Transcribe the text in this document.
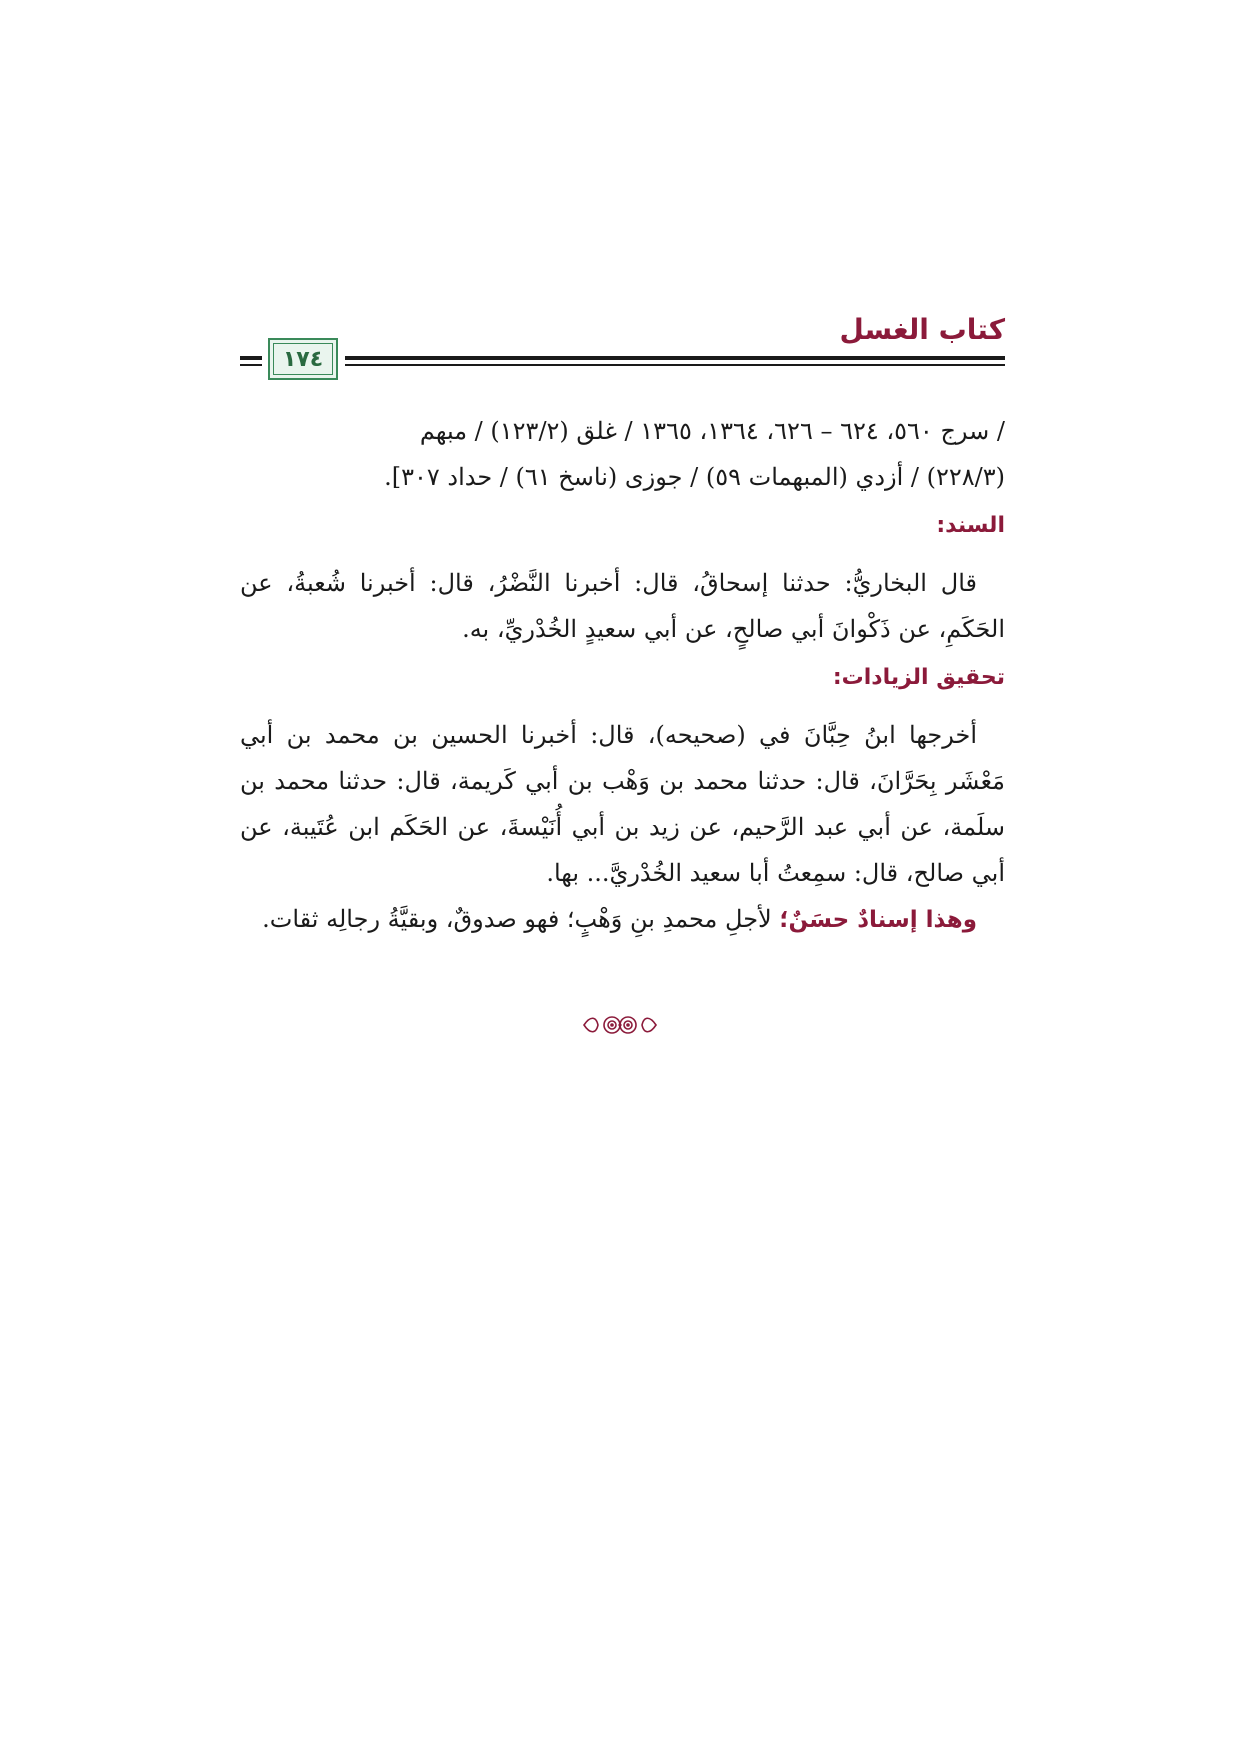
كتاب الغسل
١٧٤

/ سرج ٥٦٠، ٦٢٤ – ٦٢٦، ١٣٦٤، ١٣٦٥ / غلق (١٢٣/٢) / مبهم

(٢٢٨/٣) / أزدي (المبهمات ٥٩) / جوزى (ناسخ ٦١) / حداد ٣٠٧].

السند:

قال البخاريُّ: حدثنا إسحاقُ، قال: أخبرنا النَّضْرُ، قال: أخبرنا شُعبةُ، عن الحَكَمِ، عن ذَكْوانَ أبي صالحٍ، عن أبي سعيدٍ الخُدْريِّ، به.

تحقيق الزيادات:

أخرجها ابنُ حِبَّانَ في (صحيحه)، قال: أخبرنا الحسين بن محمد بن أبي مَعْشَر بِحَرَّانَ، قال: حدثنا محمد بن وَهْب بن أبي كَريمة، قال: حدثنا محمد بن سلَمة، عن أبي عبد الرَّحيم، عن زيد بن أبي أُنَيْسةَ، عن الحَكَم ابن عُتَيبة، عن أبي صالح، قال: سمِعتُ أبا سعيد الخُدْريَّ... بها.

وهذا إسنادٌ حسَنٌ؛ لأجلِ محمدِ بنِ وَهْبٍ؛ فهو صدوقٌ، وبقيَّةُ رجالِه ثقات.
